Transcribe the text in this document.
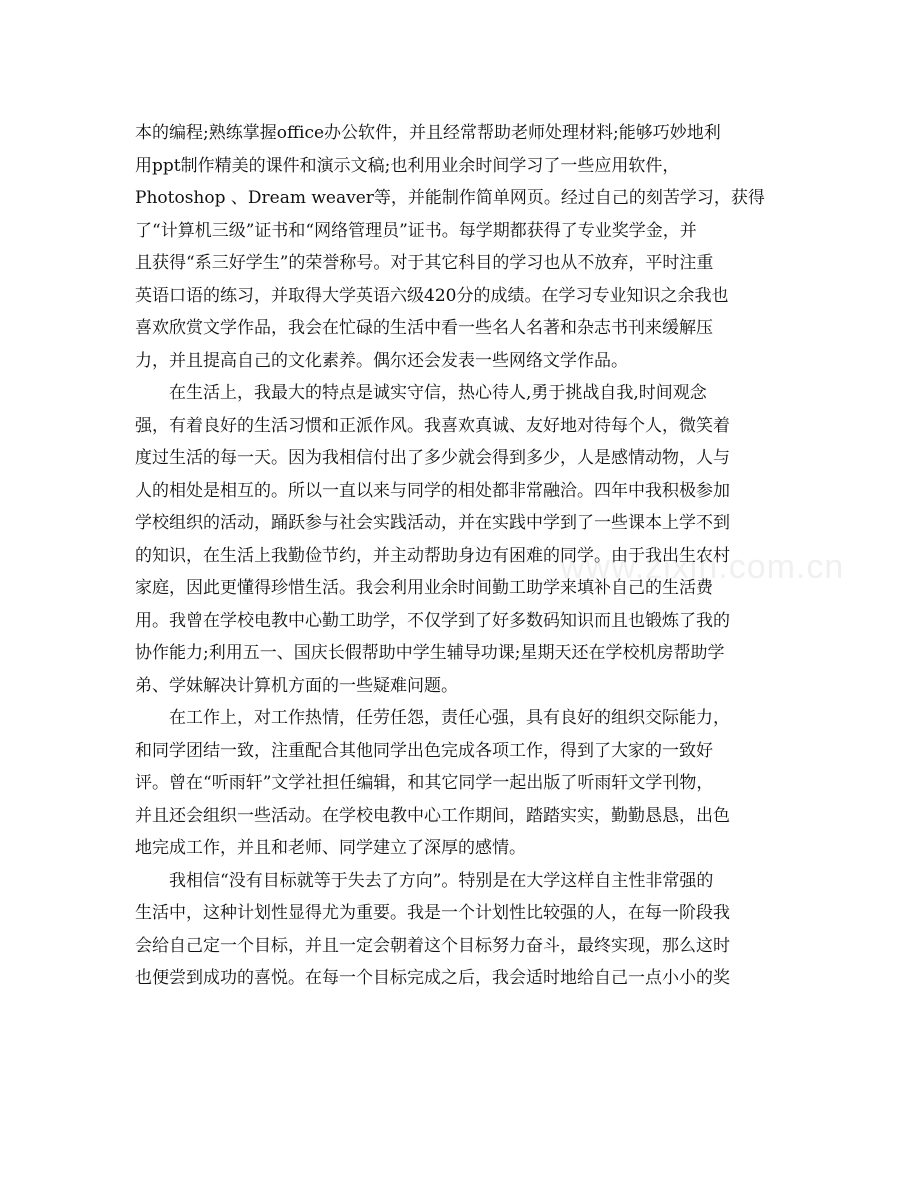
本的编程;熟练掌握office办公软件，并且经常帮助老师处理材料;能够巧妙地利
用ppt制作精美的课件和演示文稿;也利用业余时间学习了一些应用软件，
Photoshop 、Dream weaver等，并能制作简单网页。经过自己的刻苦学习，获得
了“计算机三级”证书和“网络管理员”证书。每学期都获得了专业奖学金，并
且获得“系三好学生”的荣誉称号。对于其它科目的学习也从不放弃，平时注重
英语口语的练习，并取得大学英语六级420分的成绩。在学习专业知识之余我也
喜欢欣赏文学作品，我会在忙碌的生活中看一些名人名著和杂志书刊来缓解压
力，并且提高自己的文化素养。偶尔还会发表一些网络文学作品。

　　在生活上，我最大的特点是诚实守信，热心待人,勇于挑战自我,时间观念
强，有着良好的生活习惯和正派作风。我喜欢真诚、友好地对待每个人，微笑着
度过生活的每一天。因为我相信付出了多少就会得到多少，人是感情动物，人与
人的相处是相互的。所以一直以来与同学的相处都非常融洽。四年中我积极参加
学校组织的活动，踊跃参与社会实践活动，并在实践中学到了一些课本上学不到
的知识，在生活上我勤俭节约，并主动帮助身边有困难的同学。由于我出生农村
家庭，因此更懂得珍惜生活。我会利用业余时间勤工助学来填补自己的生活费
用。我曾在学校电教中心勤工助学，不仅学到了好多数码知识而且也锻炼了我的
协作能力;利用五一、国庆长假帮助中学生辅导功课;星期天还在学校机房帮助学
弟、学妹解决计算机方面的一些疑难问题。

　　在工作上，对工作热情，任劳任怨，责任心强，具有良好的组织交际能力，
和同学团结一致，注重配合其他同学出色完成各项工作，得到了大家的一致好
评。曾在“听雨轩”文学社担任编辑，和其它同学一起出版了听雨轩文学刊物，
并且还会组织一些活动。在学校电教中心工作期间，踏踏实实，勤勤恳恳，出色
地完成工作，并且和老师、同学建立了深厚的感情。

　　我相信“没有目标就等于失去了方向”。特别是在大学这样自主性非常强的
生活中，这种计划性显得尤为重要。我是一个计划性比较强的人，在每一阶段我
会给自己定一个目标，并且一定会朝着这个目标努力奋斗，最终实现，那么这时
也便尝到成功的喜悦。在每一个目标完成之后，我会适时地给自己一点小小的奖

www.zixin.com.cn
